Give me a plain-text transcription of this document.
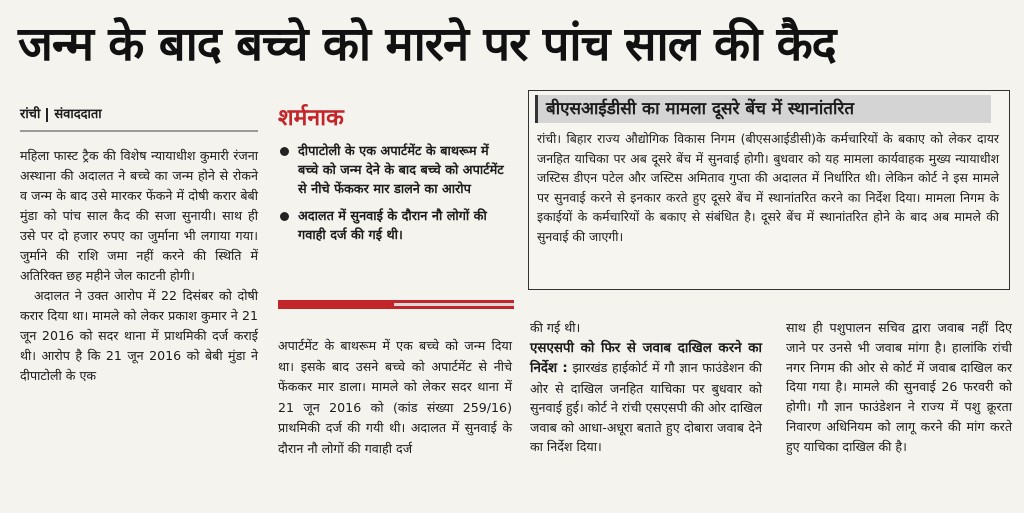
जन्म के बाद बच्चे को मारने पर पांच साल की कैद
रांची संवाददाता

महिला फास्ट ट्रैक की विशेष न्यायाधीश कुमारी रंजना अस्थाना की अदालत ने बच्चे का जन्म होने से रोकने व जन्म के बाद उसे मारकर फेंकने में दोषी करार बेबी मुंडा को पांच साल कैद की सजा सुनायी। साथ ही उसे पर दो हजार रुपए का जुर्माना भी लगाया गया। जुर्माने की राशि जमा नहीं करने की स्थिति में अतिरिक्त छह महीने जेल काटनी होगी।

अदालत ने उक्त आरोप में 22 दिसंबर को दोषी करार दिया था। मामले को लेकर प्रकाश कुमार ने 21 जून 2016 को सदर थाना में प्राथमिकी दर्ज कराई थी। आरोप है कि 21 जून 2016 को बेबी मुंडा ने दीपाटोली के एक

शर्मनाक
दीपाटोली के एक अपार्टमेंट के बाथरूम में बच्चे को जन्म देने के बाद बच्चे को अपार्टमेंट से नीचे फेंककर मार डालने का आरोप
अदालत में सुनवाई के दौरान नौ लोगों की गवाही दर्ज की गई थी।

अपार्टमेंट के बाथरूम में एक बच्चे को जन्म दिया था। इसके बाद उसने बच्चे को अपार्टमेंट से नीचे फेंककर मार डाला। मामले को लेकर सदर थाना में 21 जून 2016 को (कांड संख्या 259/16) प्राथमिकी दर्ज की गयी थी। अदालत में सुनवाई के दौरान नौ लोगों की गवाही दर्ज

बीएसआईडीसी का मामला दूसरे बेंच में स्थानांतरित

रांची। बिहार राज्य औद्योगिक विकास निगम (बीएसआईडीसी)के कर्मचारियों के बकाए को लेकर दायर जनहित याचिका पर अब दूसरे बेंच में सुनवाई होगी। बुधवार को यह मामला कार्यवाहक मुख्य न्यायाधीश जस्टिस डीएन पटेल और जस्टिस अमिताव गुप्ता की अदालत में निर्धारित थी। लेकिन कोर्ट ने इस मामले पर सुनवाई करने से इनकार करते हुए दूसरे बेंच में स्थानांतरित करने का निर्देश दिया। मामला निगम के इकाईयों के कर्मचारियों के बकाए से संबंधित है। दूसरे बेंच में स्थानांतरित होने के बाद अब मामले की सुनवाई की जाएगी।

की गई थी।

एसएसपी को फिर से जवाब दाखिल करने का निर्देश : झारखंड हाईकोर्ट में गौ ज्ञान फाउंडेशन की ओर से दाखिल जनहित याचिका पर बुधवार को सुनवाई हुई। कोर्ट ने रांची एसएसपी की ओर दाखिल जवाब को आधा-अधूरा बताते हुए दोबारा जवाब देने का निर्देश दिया।

साथ ही पशुपालन सचिव द्वारा जवाब नहीं दिए जाने पर उनसे भी जवाब मांगा है। हालांकि रांची नगर निगम की ओर से कोर्ट में जवाब दाखिल कर दिया गया है। मामले की सुनवाई 26 फरवरी को होगी। गौ ज्ञान फाउंडेशन ने राज्य में पशु क्रूरता निवारण अधिनियम को लागू करने की मांग करते हुए याचिका दाखिल की है।
